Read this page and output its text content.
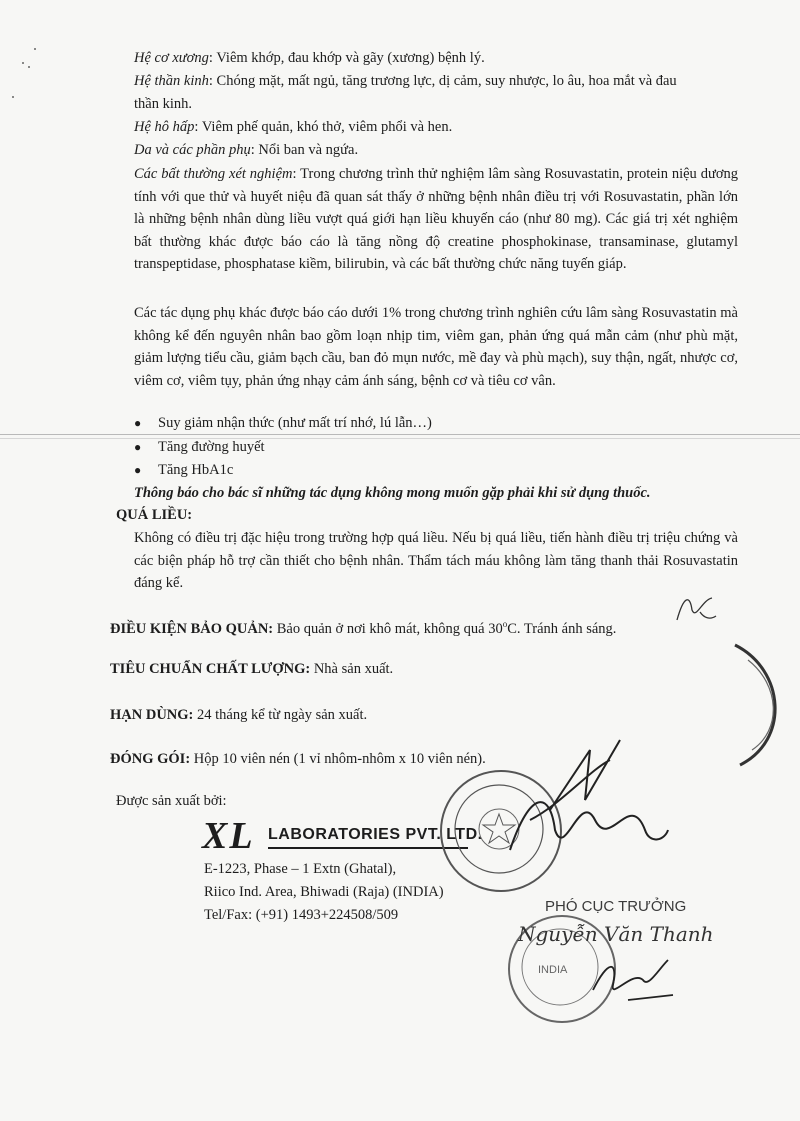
Hệ cơ xương: Viêm khớp, đau khớp và gãy (xương) bệnh lý.
Hệ thần kinh: Chóng mặt, mất ngủ, tăng trương lực, dị cảm, suy nhược, lo âu, hoa mắt và đau
thần kinh.
Hệ hô hấp: Viêm phế quản, khó thở, viêm phổi và hen.
Da và các phần phụ: Nổi ban và ngứa.
Các bất thường xét nghiệm: Trong chương trình thử nghiệm lâm sàng Rosuvastatin, protein niệu dương tính với que thử và huyết niệu đã quan sát thấy ở những bệnh nhân điều trị với Rosuvastatin, phần lớn là những bệnh nhân dùng liều vượt quá giới hạn liều khuyến cáo (như 80 mg). Các giá trị xét nghiệm bất thường khác được báo cáo là tăng nồng độ creatine phosphokinase, transaminase, glutamyl transpeptidase, phosphatase kiềm, bilirubin, và các bất thường chức năng tuyến giáp.
Các tác dụng phụ khác được báo cáo dưới 1% trong chương trình nghiên cứu lâm sàng Rosuvastatin mà không kể đến nguyên nhân bao gồm loạn nhịp tim, viêm gan, phản ứng quá mẫn cảm (như phù mặt, giảm lượng tiểu cầu, giảm bạch cầu, ban đỏ mụn nước, mề đay và phù mạch), suy thận, ngất, nhược cơ, viêm cơ, viêm tụy, phản ứng nhạy cảm ánh sáng, bệnh cơ và tiêu cơ vân.
● Suy giảm nhận thức (như mất trí nhớ, lú lẫn…)
● Tăng đường huyết
● Tăng HbA1c
Thông báo cho bác sĩ những tác dụng không mong muốn gặp phải khi sử dụng thuốc.
QUÁ LIỀU:
Không có điều trị đặc hiệu trong trường hợp quá liều. Nếu bị quá liều, tiến hành điều trị triệu chứng và các biện pháp hỗ trợ cần thiết cho bệnh nhân. Thẩm tách máu không làm tăng thanh thải Rosuvastatin đáng kể.
ĐIỀU KIỆN BẢO QUẢN: Bảo quản ở nơi khô mát, không quá 30$^o$C. Tránh ánh sáng.
TIÊU CHUẨN CHẤT LƯỢNG: Nhà sản xuất.
HẠN DÙNG: 24 tháng kể từ ngày sản xuất.
ĐÓNG GÓI: Hộp 10 viên nén (1 vỉ nhôm-nhôm x 10 viên nén).
Được sản xuất bởi:
XL LABORATORIES PVT. LTD.
E-1223, Phase – 1 Extn (Ghatal),
Riico Ind. Area, Bhiwadi (Raja) (INDIA)
Tel/Fax: (+91) 1493+224508/509
INDIA
PHÓ CỤC TRƯỞNG
Nguyễn Văn Thanh
